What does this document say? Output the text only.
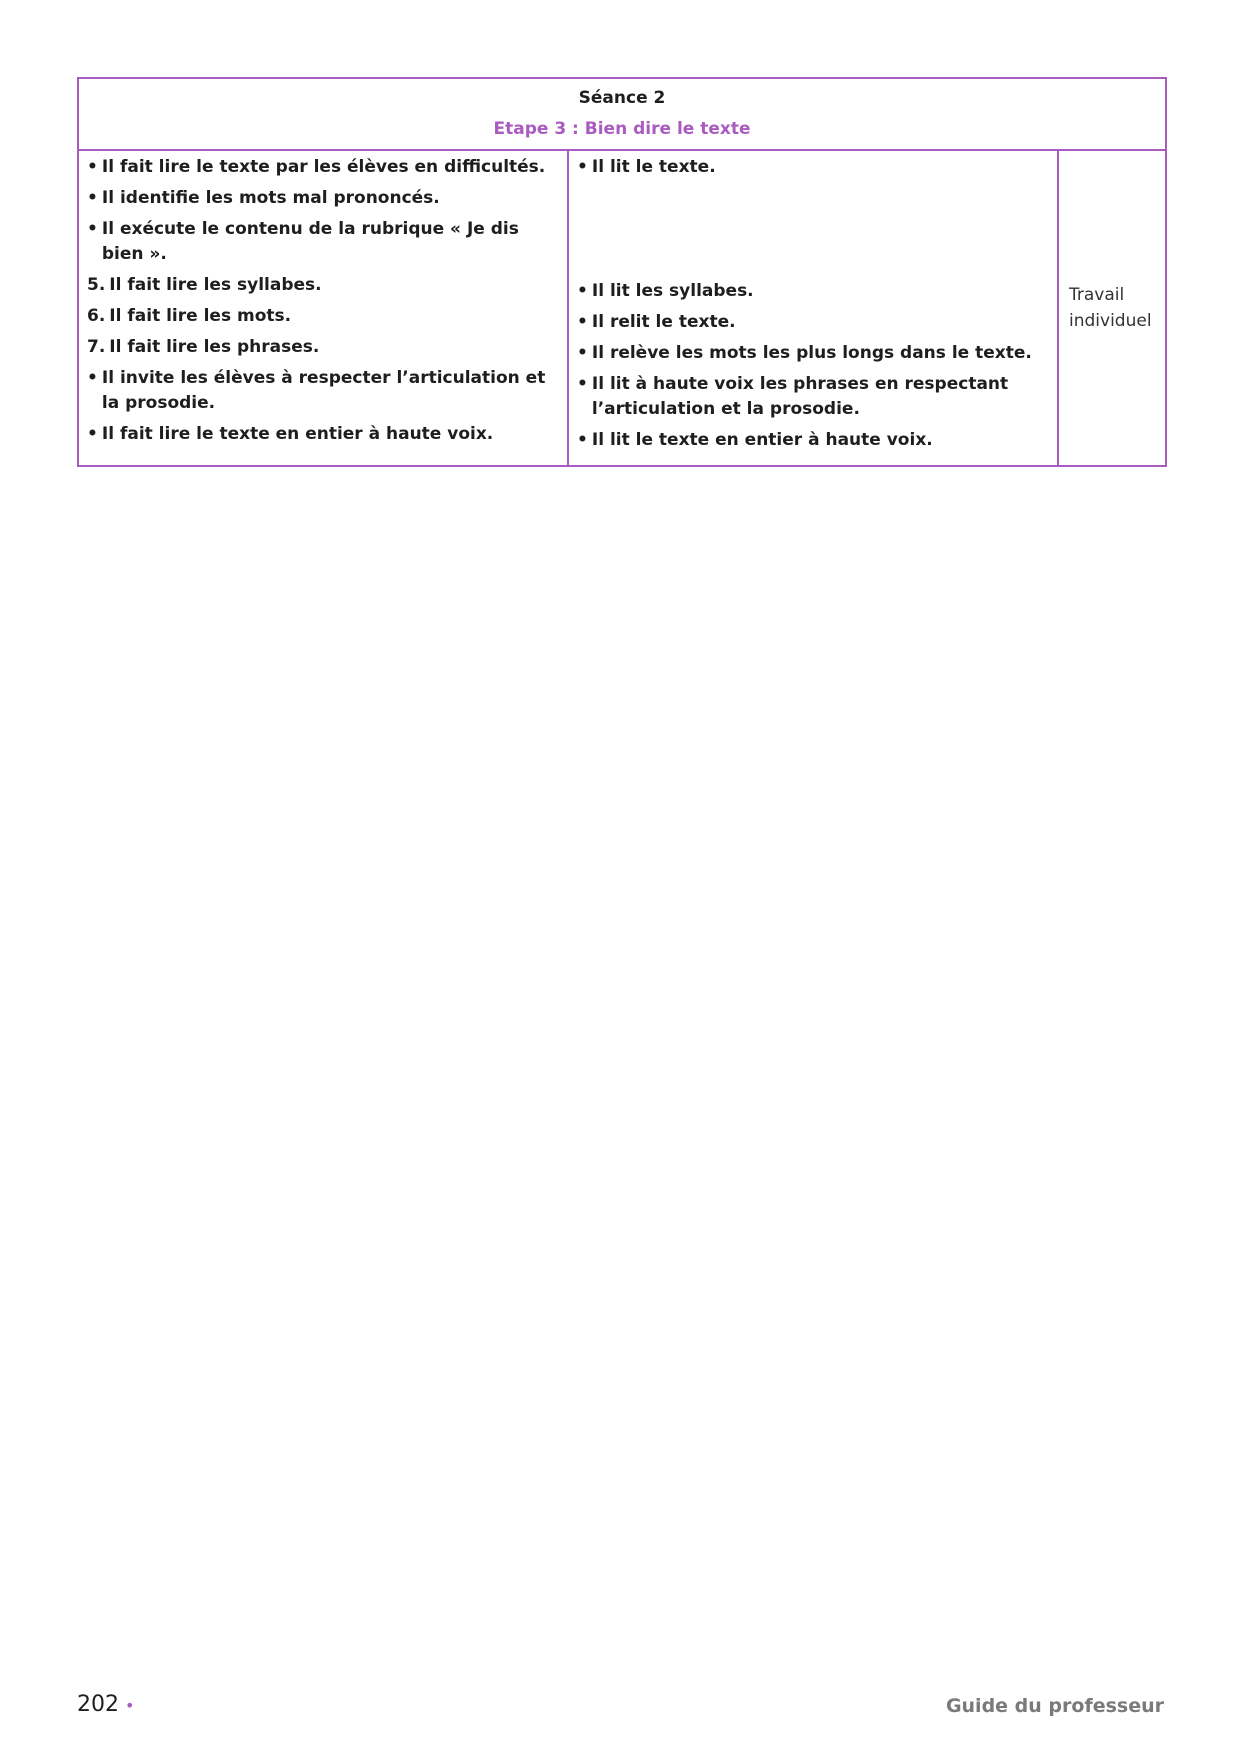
Séance 2
Etape 3 : Bien dire le texte
• Il fait lire le texte par les élèves en difficultés.
• Il identifie les mots mal prononcés.
• Il exécute le contenu de la rubrique « Je dis bien ».
5. Il fait lire les syllabes.
6. Il fait lire les mots.
7. Il fait lire les phrases.
• Il invite les élèves à respecter l’articulation et la prosodie.
• Il fait lire le texte en entier à haute voix.
• Il lit le texte.
• Il lit les syllabes.
• Il relit le texte.
• Il relève les mots les plus longs dans le texte.
• Il lit à haute voix les phrases en respectant l’articulation et la prosodie.
• Il lit le texte en entier à haute voix.
Travail individuel
202 •	Guide du professeur
